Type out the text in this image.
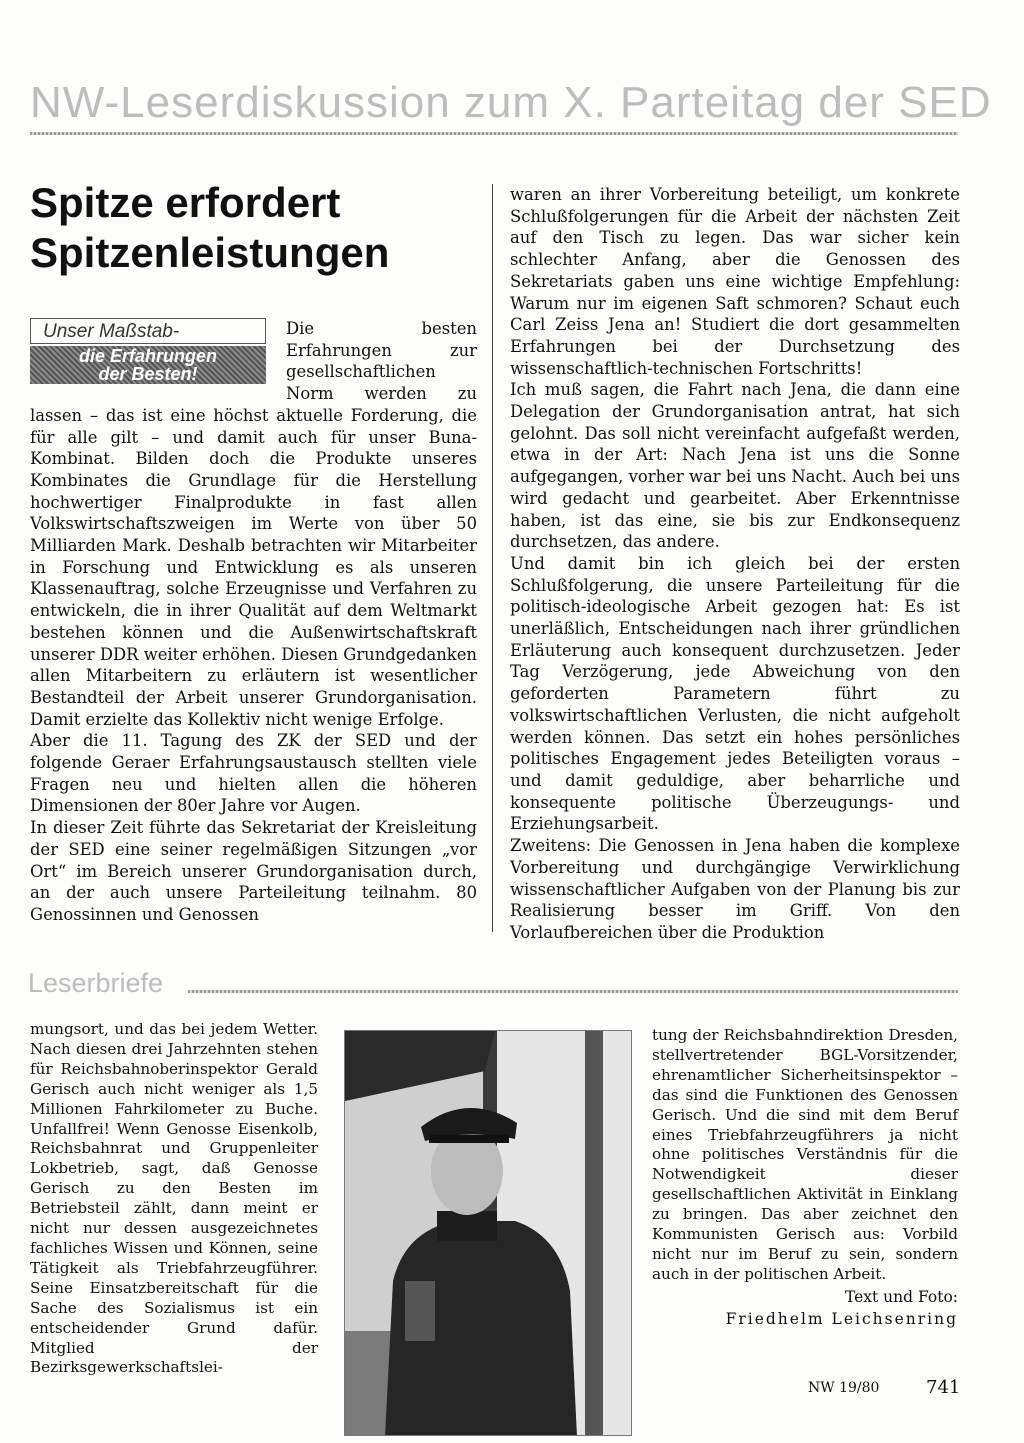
NW-Leserdiskussion zum X. Parteitag der SED
Spitze erfordert
Spitzenleistungen
Unser Maßstab-
die Erfahrungen
der Besten!

Die besten Erfahrungen zur gesellschaftlichen Norm werden zu lassen – das ist eine höchst aktuelle Forderung, die für alle gilt – und damit auch für unser Buna-Kombinat. Bilden doch die Produkte unseres Kombinates die Grundlage für die Herstellung hochwertiger Finalprodukte in fast allen Volkswirtschaftszweigen im Werte von über 50 Milliarden Mark. Deshalb betrachten wir Mitarbeiter in Forschung und Entwicklung es als unseren Klassenauftrag, solche Erzeugnisse und Verfahren zu entwickeln, die in ihrer Qualität auf dem Weltmarkt bestehen können und die Außenwirtschaftskraft unserer DDR weiter erhöhen. Diesen Grundgedanken allen Mitarbeitern zu erläutern ist wesentlicher Bestandteil der Arbeit unserer Grundorganisation. Damit erzielte das Kollektiv nicht wenige Erfolge.

Aber die 11. Tagung des ZK der SED und der folgende Geraer Erfahrungsaustausch stellten viele Fragen neu und hielten allen die höheren Dimensionen der 80er Jahre vor Augen.

In dieser Zeit führte das Sekretariat der Kreisleitung der SED eine seiner regelmäßigen Sitzungen „vor Ort“ im Bereich unserer Grundorganisation durch, an der auch unsere Parteileitung teilnahm. 80 Genossinnen und Genossen

waren an ihrer Vorbereitung beteiligt, um konkrete Schlußfolgerungen für die Arbeit der nächsten Zeit auf den Tisch zu legen. Das war sicher kein schlechter Anfang, aber die Genossen des Sekretariats gaben uns eine wichtige Empfehlung: Warum nur im eigenen Saft schmoren? Schaut euch Carl Zeiss Jena an! Studiert die dort gesammelten Erfahrungen bei der Durchsetzung des wissenschaftlich-technischen Fortschritts!

Ich muß sagen, die Fahrt nach Jena, die dann eine Delegation der Grundorganisation antrat, hat sich gelohnt. Das soll nicht vereinfacht aufgefaßt werden, etwa in der Art: Nach Jena ist uns die Sonne aufgegangen, vorher war bei uns Nacht. Auch bei uns wird gedacht und gearbeitet. Aber Erkenntnisse haben, ist das eine, sie bis zur Endkonsequenz durchsetzen, das andere.

Und damit bin ich gleich bei der ersten Schlußfolgerung, die unsere Parteileitung für die politisch-ideologische Arbeit gezogen hat: Es ist unerläßlich, Entscheidungen nach ihrer gründlichen Erläuterung auch konsequent durchzusetzen. Jeder Tag Verzögerung, jede Abweichung von den geforderten Parametern führt zu volkswirtschaftlichen Verlusten, die nicht aufgeholt werden können. Das setzt ein hohes persönliches politisches Engagement jedes Beteiligten voraus – und damit geduldige, aber beharrliche und konsequente politische Überzeugungs- und Erziehungsarbeit.

Zweitens: Die Genossen in Jena haben die komplexe Vorbereitung und durchgängige Verwirklichung wissenschaftlicher Aufgaben von der Planung bis zur Realisierung besser im Griff. Von den Vorlaufbereichen über die Produktion

Leserbriefe

mungsort, und das bei jedem Wetter. Nach diesen drei Jahrzehnten stehen für Reichsbahnoberinspektor Gerald Gerisch auch nicht weniger als 1,5 Millionen Fahrkilometer zu Buche. Unfallfrei! Wenn Genosse Eisenkolb, Reichsbahnrat und Gruppenleiter Lokbetrieb, sagt, daß Genosse Gerisch zu den Besten im Betriebsteil zählt, dann meint er nicht nur dessen ausgezeichnetes fachliches Wissen und Können, seine Tätigkeit als Triebfahrzeugführer. Seine Einsatzbereitschaft für die Sache des Sozialismus ist ein entscheidender Grund dafür. Mitglied der Bezirksgewerkschaftslei-

tung der Reichsbahndirektion Dresden, stellvertretender BGL-Vorsitzender, ehrenamtlicher Sicherheitsinspektor – das sind die Funktionen des Genossen Gerisch. Und die sind mit dem Beruf eines Triebfahrzeugführers ja nicht ohne politisches Verständnis für die Notwendigkeit dieser gesellschaftlichen Aktivität in Einklang zu bringen. Das aber zeichnet den Kommunisten Gerisch aus: Vorbild nicht nur im Beruf zu sein, sondern auch in der politischen Arbeit.

Text und Foto:
Friedhelm Leichsenring
NW 19/80	741
